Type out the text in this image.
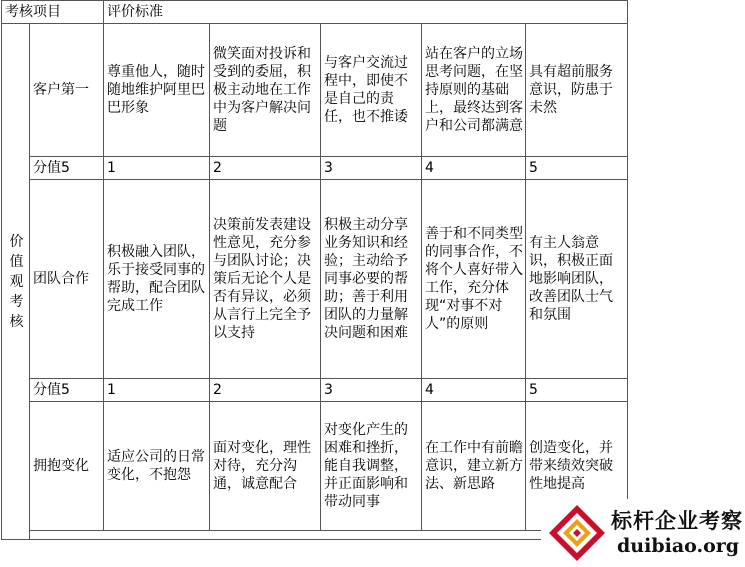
考核项目		评价标准				

价
值
观
考
核	客户第一	尊重他人，随时随地维护阿里巴巴形象	微笑面对投诉和受到的委屈，积极主动地在工作中为客户解决问题	与客户交流过程中，即使不是自己的责任，也不推诿	站在客户的立场思考问题，在坚持原则的基础上，最终达到客户和公司都满意	具有超前服务意识，防患于未然
	分值5	1	2	3	4	5
	团队合作	积极融入团队，乐于接受同事的帮助，配合团队完成工作	决策前发表建设性意见，充分参与团队讨论；决策后无论个人是否有异议，必须从言行上完全予以支持	积极主动分享业务知识和经验；主动给予同事必要的帮助；善于利用团队的力量解决问题和困难	善于和不同类型的同事合作，不将个人喜好带入工作，充分体现“对事不对人”的原则	有主人翁意识，积极正面地影响团队，改善团队士气和氛围
	分值5	1	2	3	4	5
	拥抱变化	适应公司的日常变化，不抱怨	面对变化，理性对待，充分沟通，诚意配合	对变化产生的困难和挫折，能自我调整，并正面影响和带动同事	在工作中有前瞻意识，建立新方法、新思路	创造变化，并带来绩效突破性地提高

标杆企业考察
duibiao.org
